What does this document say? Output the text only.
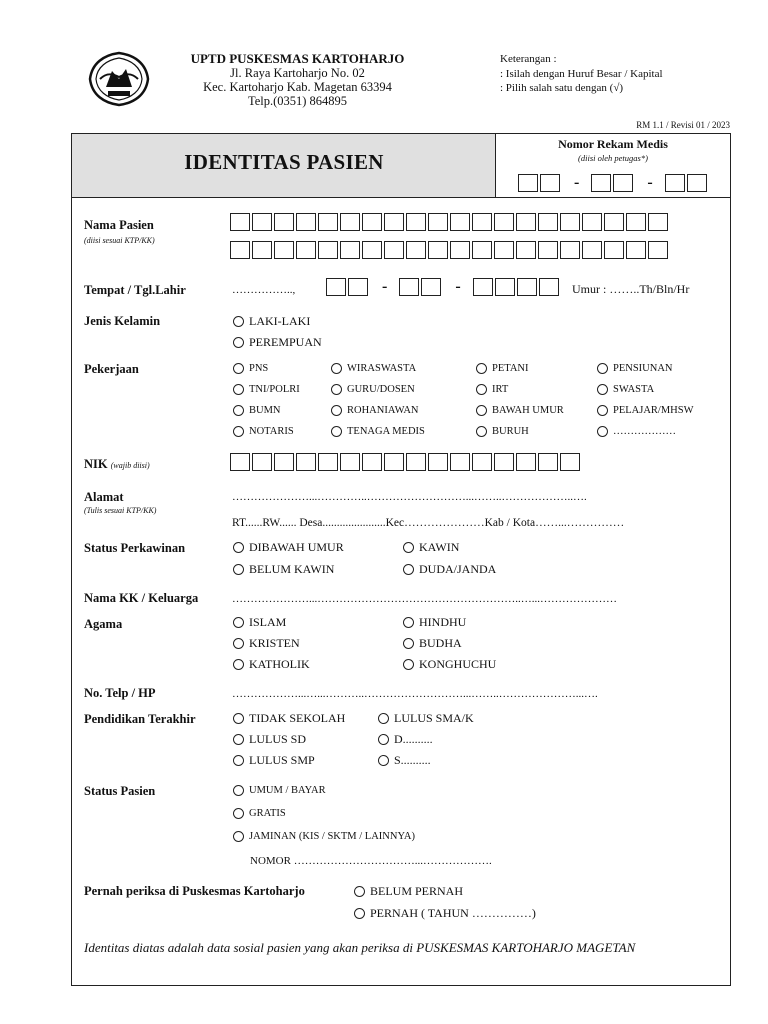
UPTD PUSKESMAS KARTOHARJO
Jl. Raya Kartoharjo No. 02
Kec. Kartoharjo Kab. Magetan 63394
Telp.(0351) 864895
Keterangan :
: Isilah dengan Huruf Besar / Kapital
: Pilih salah satu dengan (√)
RM 1.1 / Revisi 01 / 2023
IDENTITAS PASIEN
Nomor Rekam Medis
(diisi oleh petugas*)
-	-
Nama Pasien
(diisi sesuai KTP/KK)
Tempat / Tgl.Lahir	……………..,	-	-	Umur : ……..Th/Bln/Hr
Jenis Kelamin	LAKI-LAKI
PEREMPUAN
Pekerjaan	PNS	WIRASWASTA	PETANI	PENSIUNAN
TNI/POLRI	GURU/DOSEN	IRT	SWASTA
BUMN	ROHANIAWAN	BAWAH UMUR	PELAJAR/MHSW
NOTARIS	TENAGA MEDIS	BURUH	………………
NIK (wajib diisi)
Alamat
(Tulis sesuai KTP/KK)
…………………...…………..………………………...……..………………..….
RT......RW...... Desa......................Kec…………………Kab / Kota……...……………
Status Perkawinan	DIBAWAH UMUR	KAWIN
BELUM KAWIN	DUDA/JANDA
Nama KK / Keluarga	…………………...………………………………………………..…...…………………
Agama	ISLAM	HINDHU
KRISTEN	BUDHA
KATHOLIK	KONGHUCHU
No. Telp / HP	………………...…...………..………………………...……..…………………...….
Pendidikan Terakhir	TIDAK SEKOLAH	LULUS SMA/K
LULUS SD	D..........
LULUS SMP	S..........
Status Pasien	UMUM / BAYAR
GRATIS
JAMINAN (KIS / SKTM / LAINNYA)
NOMOR ……………………………...……………….
Pernah periksa di Puskesmas Kartoharjo	BELUM PERNAH
PERNAH ( TAHUN ……………)
Identitas diatas adalah data sosial pasien yang akan periksa di PUSKESMAS KARTOHARJO MAGETAN
